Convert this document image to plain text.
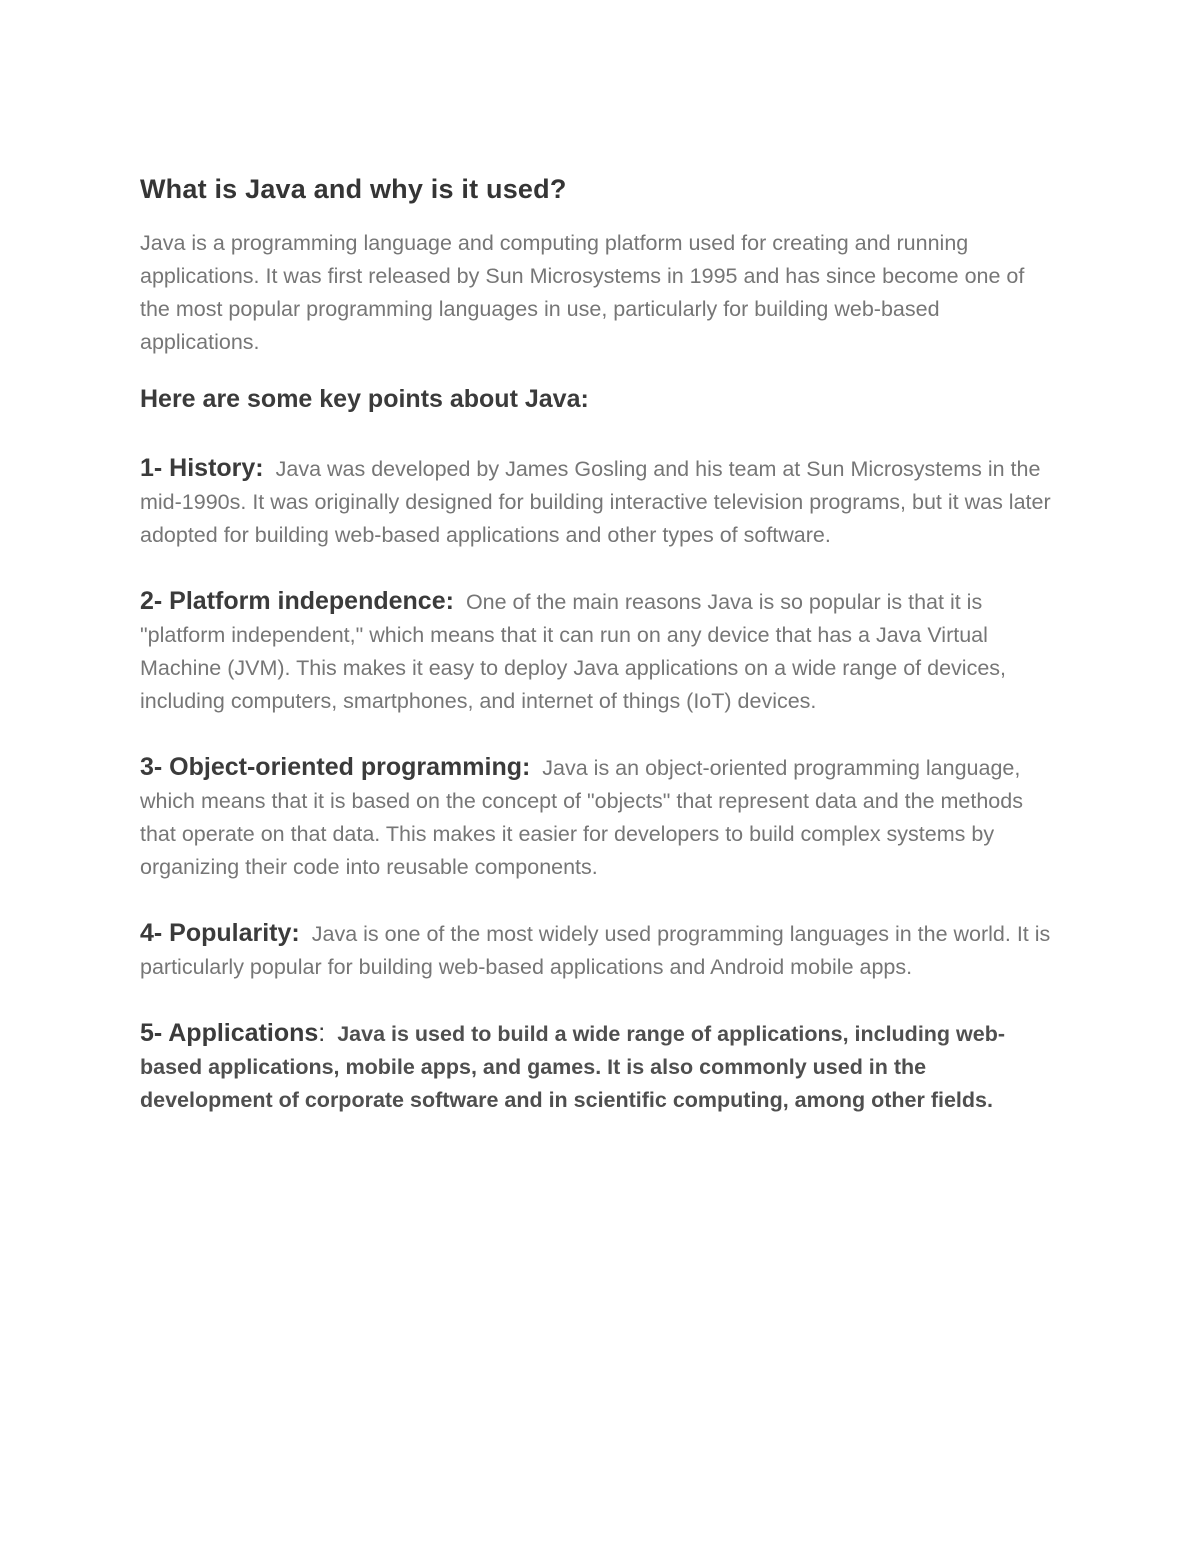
What is Java and why is it used?

Java is a programming language and computing platform used for creating and running applications. It was first released by Sun Microsystems in 1995 and has since become one of the most popular programming languages in use, particularly for building web-based applications.

Here are some key points about Java:

1- History: Java was developed by James Gosling and his team at Sun Microsystems in the mid-1990s. It was originally designed for building interactive television programs, but it was later adopted for building web-based applications and other types of software.

2- Platform independence: One of the main reasons Java is so popular is that it is "platform independent," which means that it can run on any device that has a Java Virtual Machine (JVM). This makes it easy to deploy Java applications on a wide range of devices, including computers, smartphones, and internet of things (IoT) devices.

3- Object-oriented programming: Java is an object-oriented programming language, which means that it is based on the concept of "objects" that represent data and the methods that operate on that data. This makes it easier for developers to build complex systems by organizing their code into reusable components.

4- Popularity: Java is one of the most widely used programming languages in the world. It is particularly popular for building web-based applications and Android mobile apps.

5- Applications: Java is used to build a wide range of applications, including web-based applications, mobile apps, and games. It is also commonly used in the development of corporate software and in scientific computing, among other fields.
